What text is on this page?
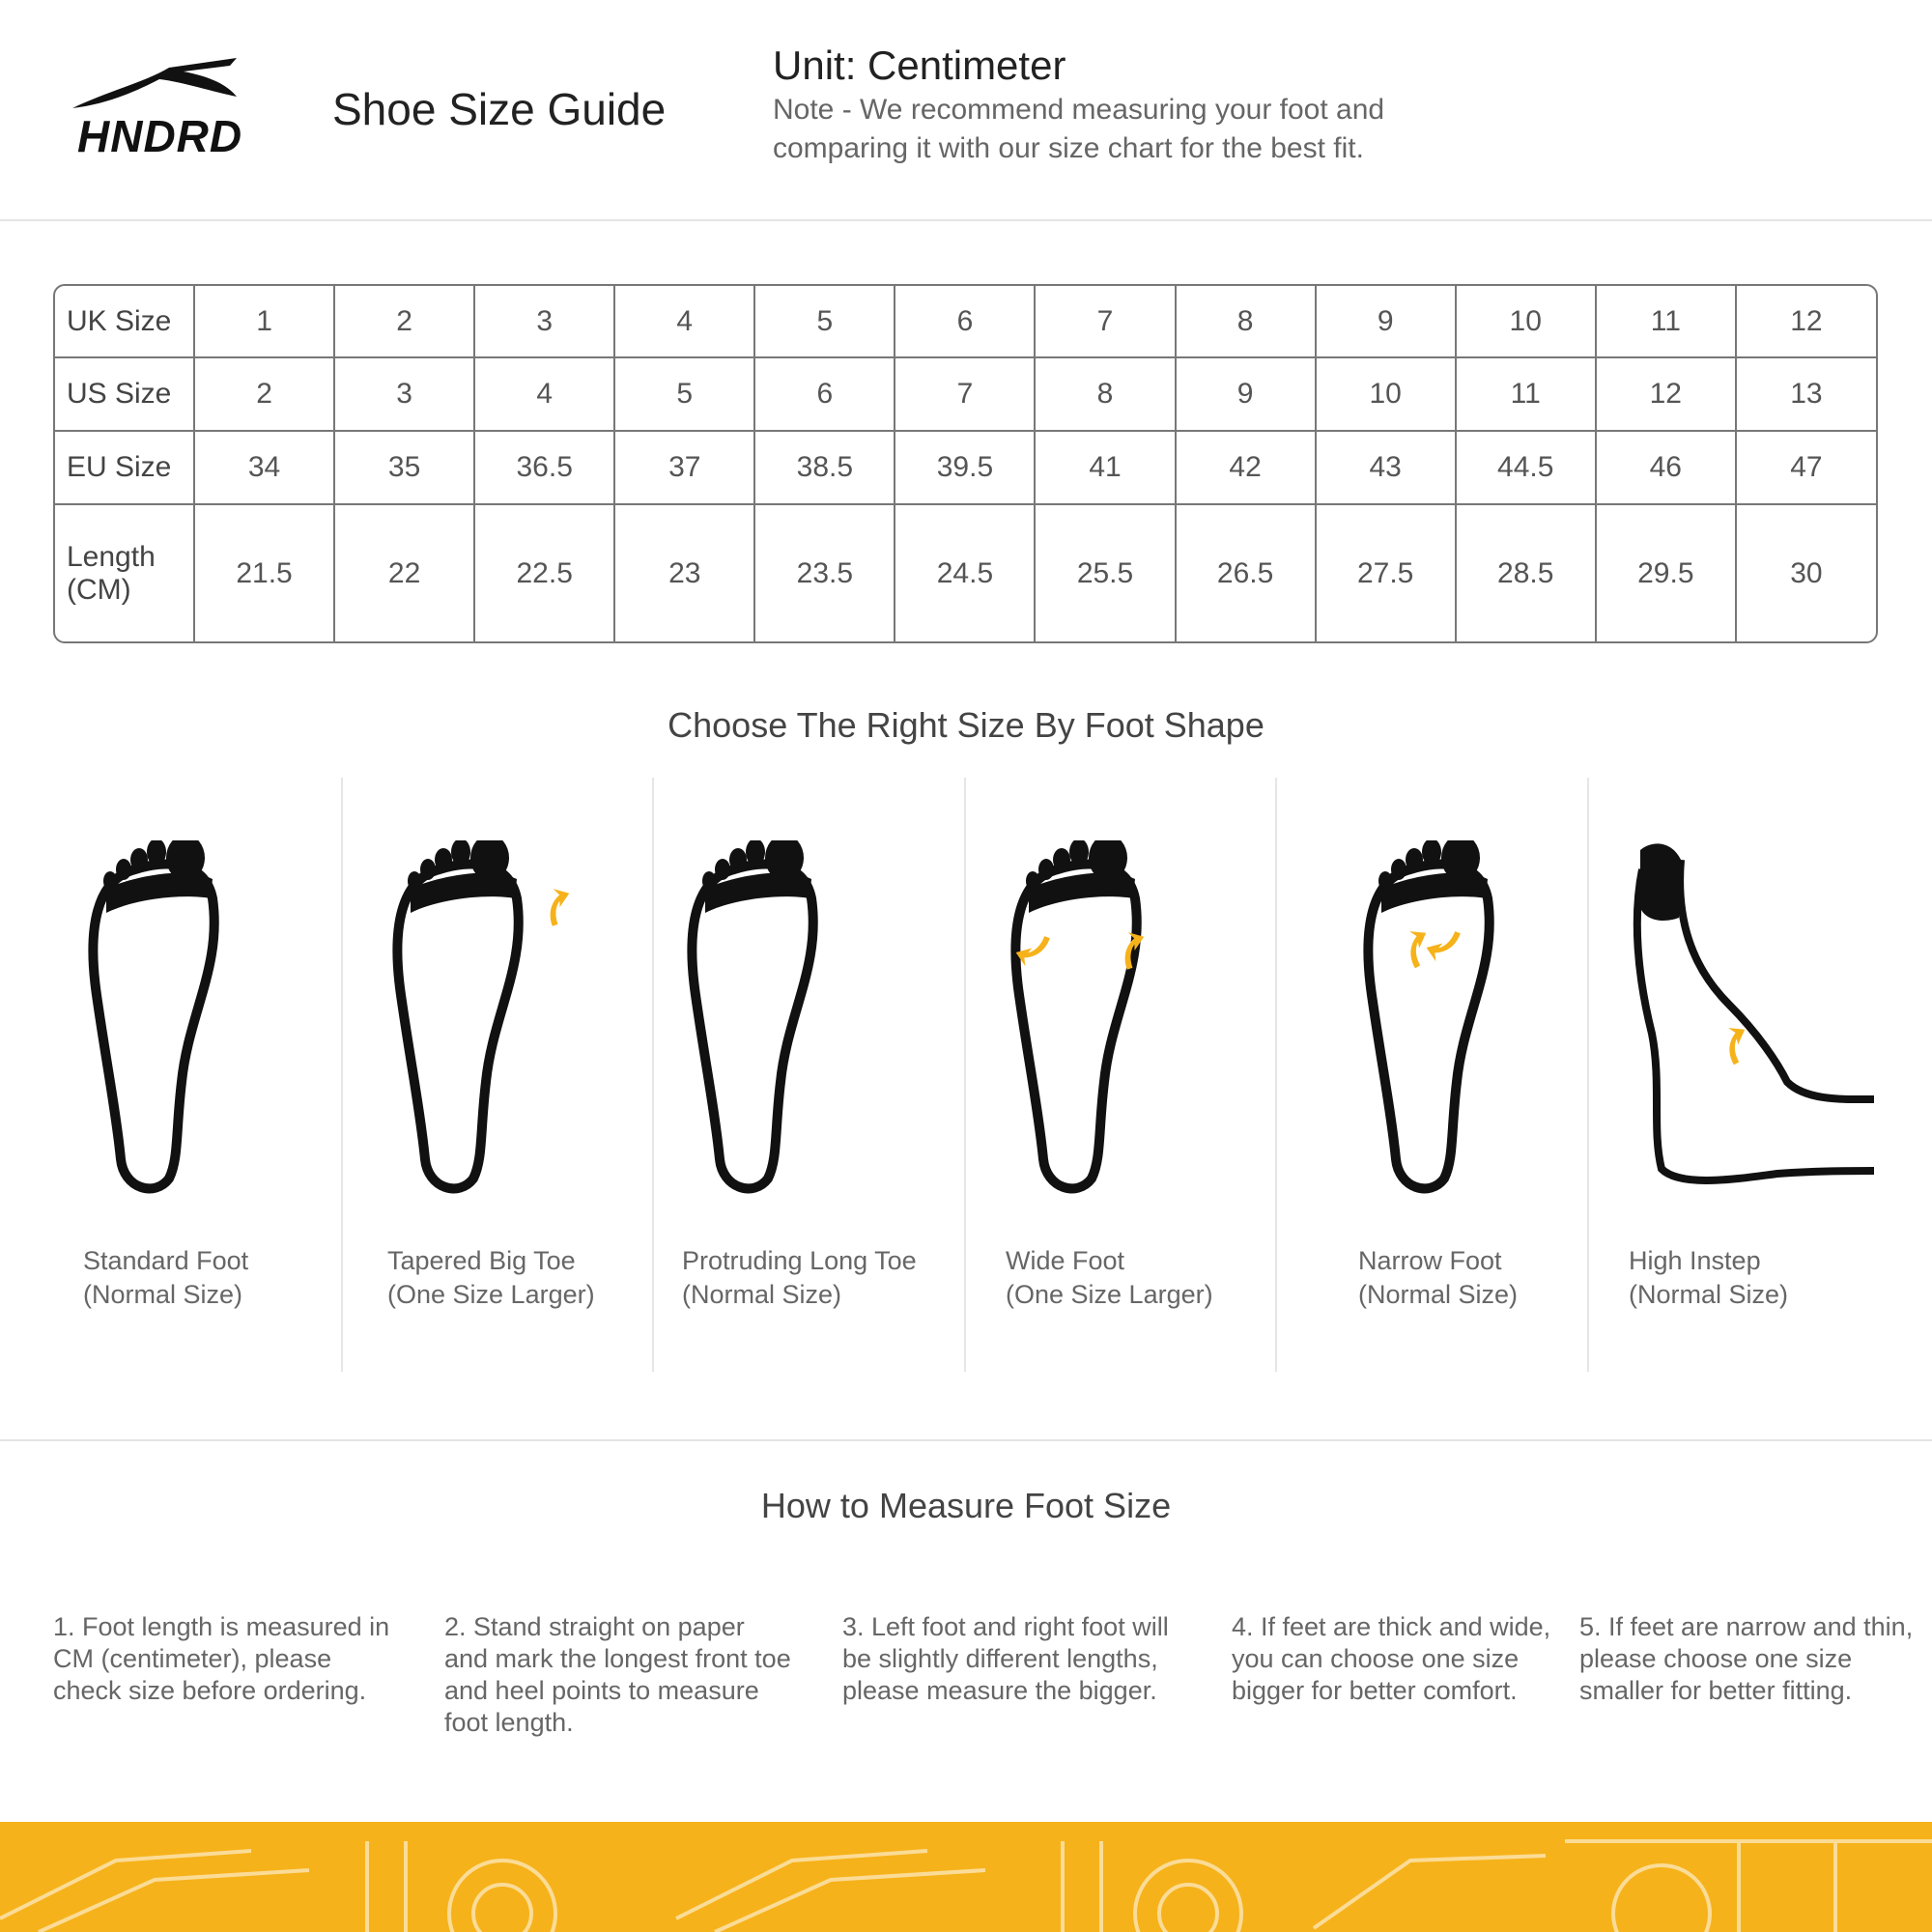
HNDRD
Shoe Size Guide
Unit: Centimeter
Note - We recommend measuring your foot and comparing it with our size chart for the best fit.
UK Size	1	2	3	4	5	6	7	8	9	10	11	12
US Size	2	3	4	5	6	7	8	9	10	11	12	13
EU Size	34	35	36.5	37	38.5	39.5	41	42	43	44.5	46	47
Length (CM)	21.5	22	22.5	23	23.5	24.5	25.5	26.5	27.5	28.5	29.5	30
Choose The Right Size By Foot Shape
Standard Foot
(Normal Size)
Tapered Big Toe
(One Size Larger)
Protruding Long Toe
(Normal Size)
Wide Foot
(One Size Larger)
Narrow Foot
(Normal Size)
High Instep
(Normal Size)
How to Measure Foot Size
1. Foot length is measured in CM (centimeter), please check size before ordering.
2. Stand straight on paper and mark the longest front toe and heel points to measure foot length.
3. Left foot and right foot will be slightly different lengths, please measure the bigger.
4. If feet are thick and wide, you can choose one size bigger for better comfort.
5. If feet are narrow and thin, please choose one size smaller for better fitting.
